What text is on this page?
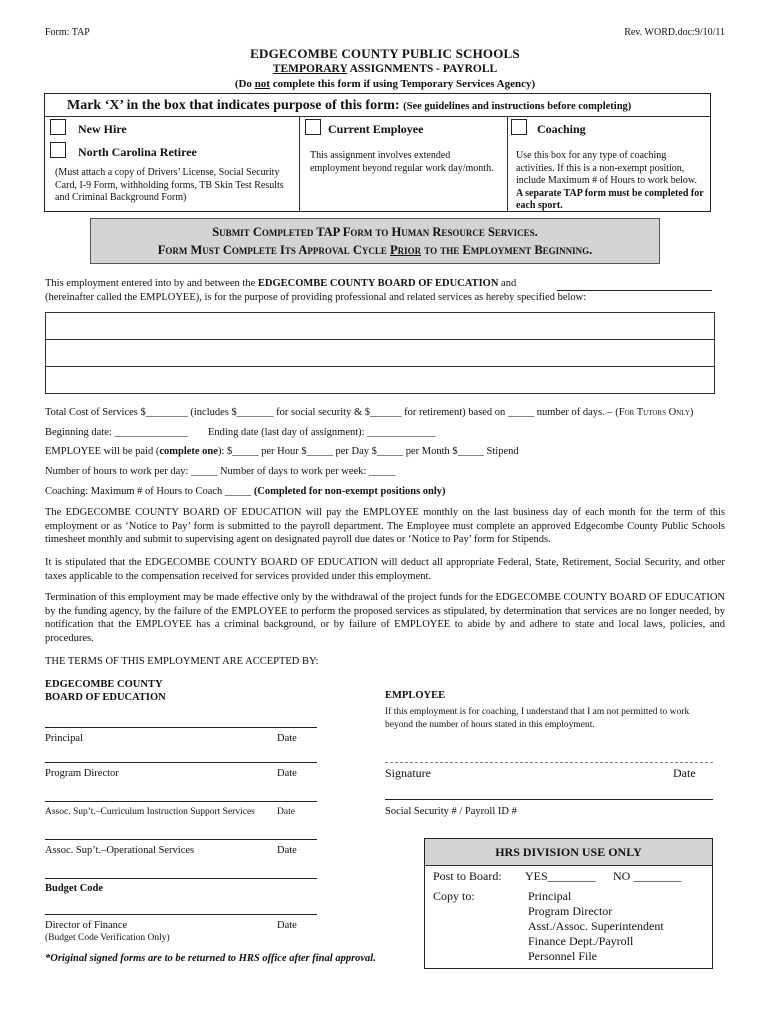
Form: TAP	Rev. WORD.doc:9/10/11
EDGECOMBE COUNTY PUBLIC SCHOOLS
TEMPORARY ASSIGNMENTS - PAYROLL
(Do not complete this form if using Temporary Services Agency)
Mark ‘X’ in the box that indicates purpose of this form: (See guidelines and instructions before completing)
New Hire
North Carolina Retiree
(Must attach a copy of Drivers’ License, Social Security Card, I-9 Form, withholding forms, TB Skin Test Results and Criminal Background Form)
Current Employee
This assignment involves extended employment beyond regular work day/month.
Coaching
Use this box for any type of coaching activities. If this is a non-exempt position, include Maximum # of Hours to work below. A separate TAP form must be completed for each sport.
Submit Completed TAP Form to Human Resource Services.
Form Must Complete Its Approval Cycle Prior to the Employment Beginning.
This employment entered into by and between the EDGECOMBE COUNTY BOARD OF EDUCATION and
(hereinafter called the EMPLOYEE), is for the purpose of providing professional and related services as hereby specified below:
Total Cost of Services $________ (includes $_______ for social security & $______ for retirement) based on _____ number of days. – (For Tutors Only)
Beginning date: ______________ Ending date (last day of assignment): _____________
EMPLOYEE will be paid (complete one): $_____ per Hour $_____ per Day $_____ per Month $_____ Stipend
Number of hours to work per day: _____ Number of days to work per week: _____
Coaching: Maximum # of Hours to Coach _____ (Completed for non-exempt positions only)
The EDGECOMBE COUNTY BOARD OF EDUCATION will pay the EMPLOYEE monthly on the last business day of each month for the term of this employment or as ‘Notice to Pay’ form is submitted to the payroll department. The Employee must complete an approved Edgecombe County Public Schools timesheet monthly and submit to supervising agent on designated payroll due dates or ‘Notice to Pay’ form for Stipends.
It is stipulated that the EDGECOMBE COUNTY BOARD OF EDUCATION will deduct all appropriate Federal, State, Retirement, Social Security, and other taxes applicable to the compensation received for services provided under this employment.
Termination of this employment may be made effective only by the withdrawal of the project funds for the EDGECOMBE COUNTY BOARD OF EDUCATION by the funding agency, by the failure of the EMPLOYEE to perform the proposed services as stipulated, by determination that services are no longer needed, by notification that the EMPLOYEE has a criminal background, or by failure of EMPLOYEE to abide by and adhere to state and local laws, policies, and procedures.
THE TERMS OF THIS EMPLOYMENT ARE ACCEPTED BY:
EDGECOMBE COUNTY
BOARD OF EDUCATION
Principal	Date
Program Director	Date
Assoc. Sup’t.–Curriculum Instruction Support Services Date
Assoc. Sup’t.–Operational Services	Date
Budget Code
Director of Finance	Date
(Budget Code Verification Only)
*Original signed forms are to be returned to HRS office after final approval.
EMPLOYEE
If this employment is for coaching, I understand that I am not permitted to work beyond the number of hours stated in this employment.
Signature	Date
Social Security # / Payroll ID #
HRS DIVISION USE ONLY
Post to Board: YES________ NO ________
Copy to:	Principal
Program Director
Asst./Assoc. Superintendent
Finance Dept./Payroll
Personnel File
